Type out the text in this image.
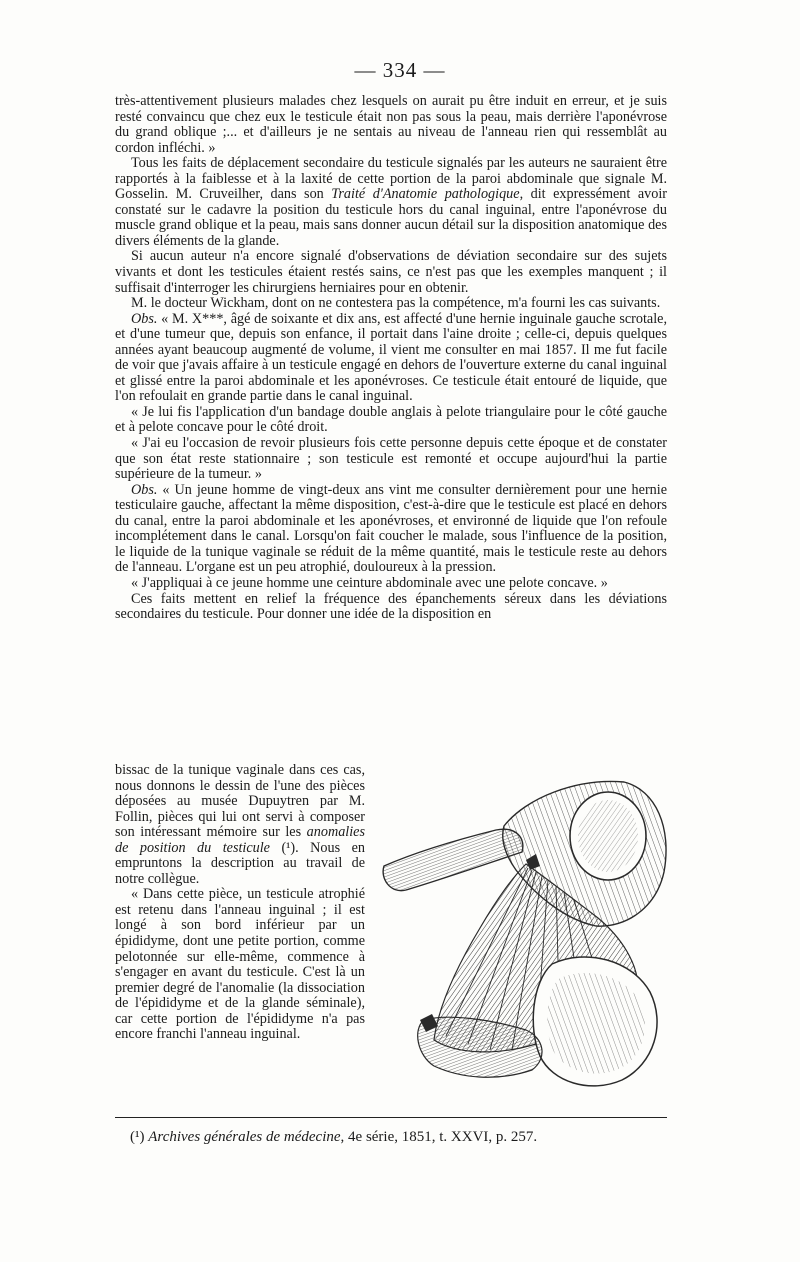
— 334 —

très-attentivement plusieurs malades chez lesquels on aurait pu être induit en erreur, et je suis resté convaincu que chez eux le testicule était non pas sous la peau, mais derrière l'aponévrose du grand oblique ;... et d'ailleurs je ne sentais au niveau de l'anneau rien qui ressemblât au cordon infléchi. »

Tous les faits de déplacement secondaire du testicule signalés par les auteurs ne sauraient être rapportés à la faiblesse et à la laxité de cette portion de la paroi abdominale que signale M. Gosselin. M. Cruveilher, dans son Traité d'Anatomie pathologique, dit expressément avoir constaté sur le cadavre la position du testicule hors du canal inguinal, entre l'aponévrose du muscle grand oblique et la peau, mais sans donner aucun détail sur la disposition anatomique des divers éléments de la glande.

Si aucun auteur n'a encore signalé d'observations de déviation secondaire sur des sujets vivants et dont les testicules étaient restés sains, ce n'est pas que les exemples manquent ; il suffisait d'interroger les chirurgiens herniaires pour en obtenir.

M. le docteur Wickham, dont on ne contestera pas la compétence, m'a fourni les cas suivants.

Obs. « M. X***, âgé de soixante et dix ans, est affecté d'une hernie inguinale gauche scrotale, et d'une tumeur que, depuis son enfance, il portait dans l'aine droite ; celle-ci, depuis quelques années ayant beaucoup augmenté de volume, il vient me consulter en mai 1857. Il me fut facile de voir que j'avais affaire à un testicule engagé en dehors de l'ouverture externe du canal inguinal et glissé entre la paroi abdominale et les aponévroses. Ce testicule était entouré de liquide, que l'on refoulait en grande partie dans le canal inguinal.

« Je lui fis l'application d'un bandage double anglais à pelote triangulaire pour le côté gauche et à pelote concave pour le côté droit.

« J'ai eu l'occasion de revoir plusieurs fois cette personne depuis cette époque et de constater que son état reste stationnaire ; son testicule est remonté et occupe aujourd'hui la partie supérieure de la tumeur. »

Obs. « Un jeune homme de vingt-deux ans vint me consulter dernièrement pour une hernie testiculaire gauche, affectant la même disposition, c'est-à-dire que le testicule est placé en dehors du canal, entre la paroi abdominale et les aponévroses, et environné de liquide que l'on refoule incomplétement dans le canal. Lorsqu'on fait coucher le malade, sous l'influence de la position, le liquide de la tunique vaginale se réduit de la même quantité, mais le testicule reste au dehors de l'anneau. L'organe est un peu atrophié, douloureux à la pression.

« J'appliquai à ce jeune homme une ceinture abdominale avec une pelote concave. »

Ces faits mettent en relief la fréquence des épanchements séreux dans les déviations secondaires du testicule. Pour donner une idée de la disposition en

bissac de la tunique vaginale dans ces cas, nous donnons le dessin de l'une des pièces déposées au musée Dupuytren par M. Follin, pièces qui lui ont servi à composer son intéressant mémoire sur les anomalies de position du testicule (¹). Nous en empruntons la description au travail de notre collègue.

« Dans cette pièce, un testicule atrophié est retenu dans l'anneau inguinal ; il est longé à son bord inférieur par un épididyme, dont une petite portion, comme pelotonnée sur elle-même, commence à s'engager en avant du testicule. C'est là un premier degré de l'anomalie (la dissociation de l'épididyme et de la glande séminale), car cette portion de l'épididyme n'a pas encore franchi l'anneau inguinal.

(¹) Archives générales de médecine, 4e série, 1851, t. XXVI, p. 257.
